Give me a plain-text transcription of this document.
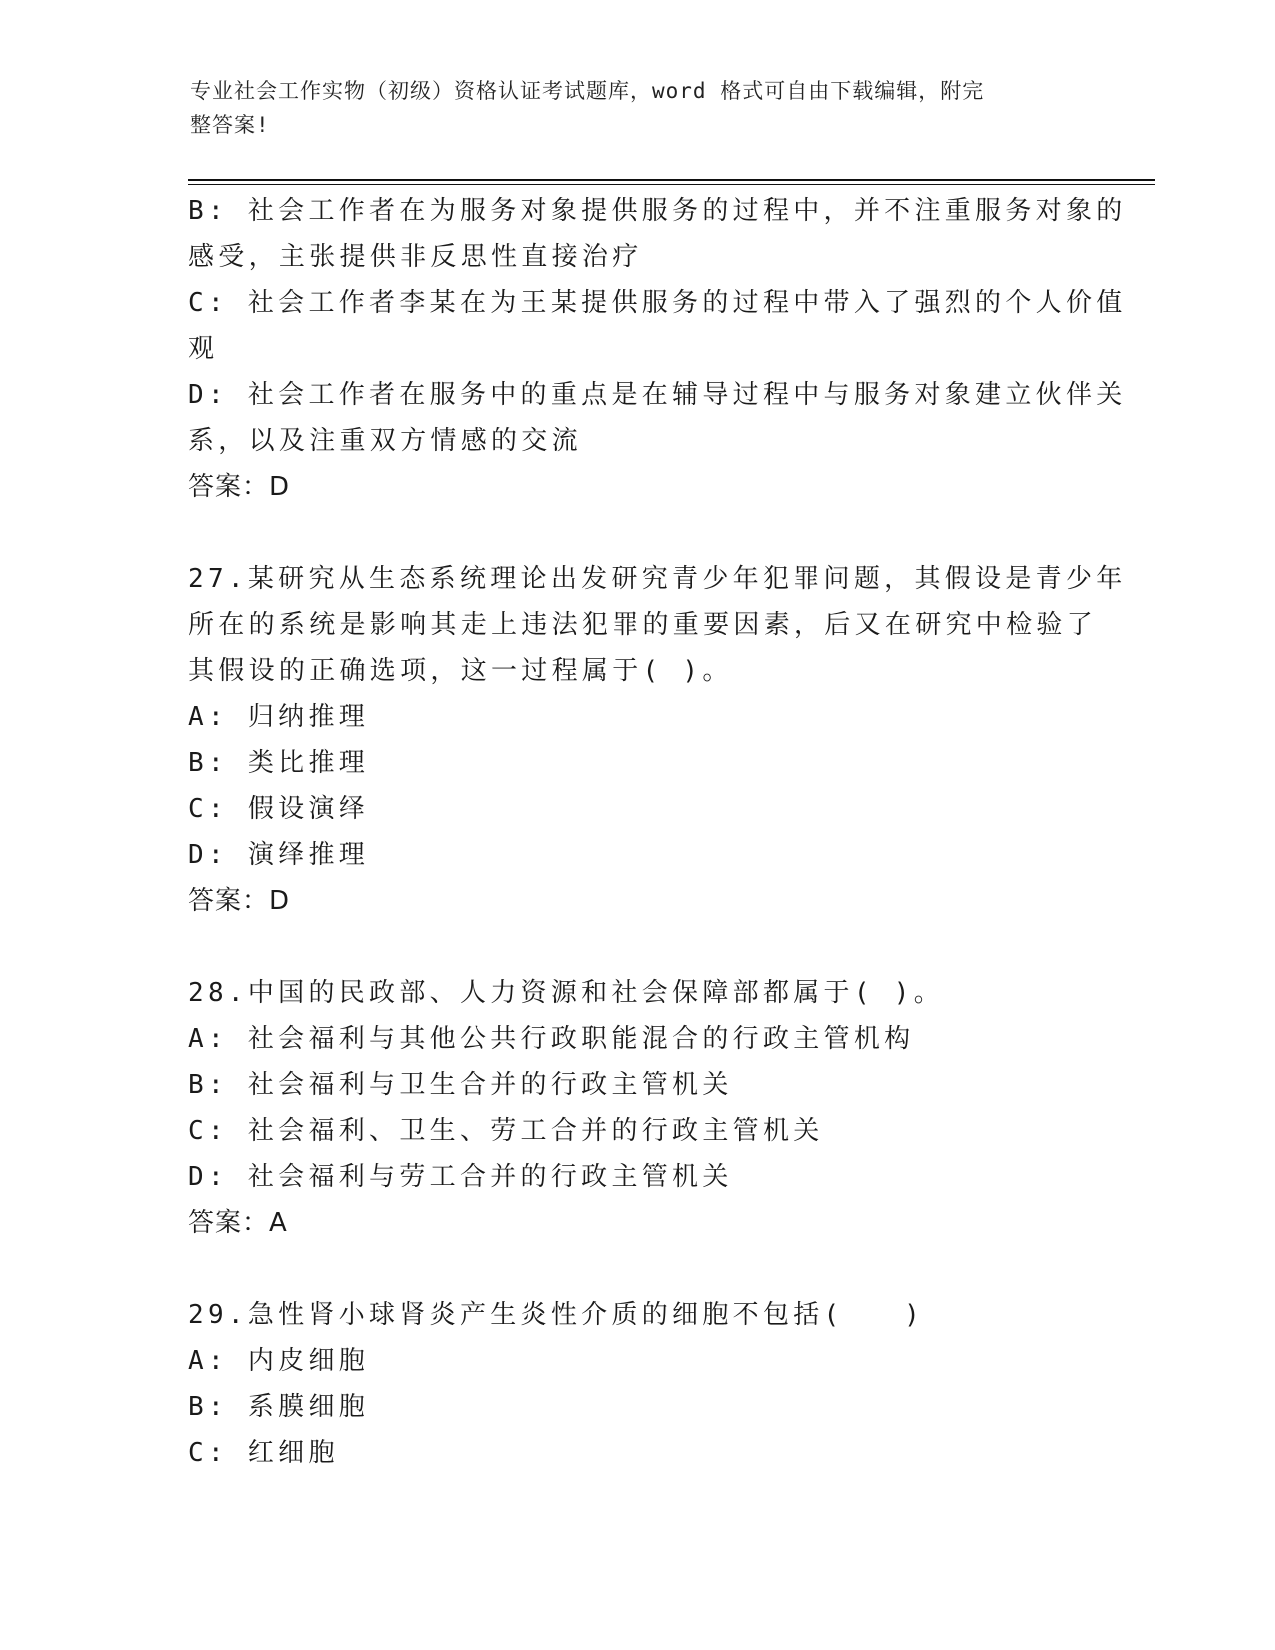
专业社会工作实物（初级）资格认证考试题库，word 格式可自由下载编辑，附完
整答案!
B: 社会工作者在为服务对象提供服务的过程中，并不注重服务对象的
感受，主张提供非反思性直接治疗
C: 社会工作者李某在为王某提供服务的过程中带入了强烈的个人价值
观
D: 社会工作者在服务中的重点是在辅导过程中与服务对象建立伙伴关
系，以及注重双方情感的交流
答案：D
27.某研究从生态系统理论出发研究青少年犯罪问题，其假设是青少年
所在的系统是影响其走上违法犯罪的重要因素，后又在研究中检验了
其假设的正确选项，这一过程属于( )。
A: 归纳推理
B: 类比推理
C: 假设演绎
D: 演绎推理
答案：D
28.中国的民政部、人力资源和社会保障部都属于( )。
A: 社会福利与其他公共行政职能混合的行政主管机构
B: 社会福利与卫生合并的行政主管机关
C: 社会福利、卫生、劳工合并的行政主管机关
D: 社会福利与劳工合并的行政主管机关
答案：A
29.急性肾小球肾炎产生炎性介质的细胞不包括(　　)
A: 内皮细胞
B: 系膜细胞
C: 红细胞
